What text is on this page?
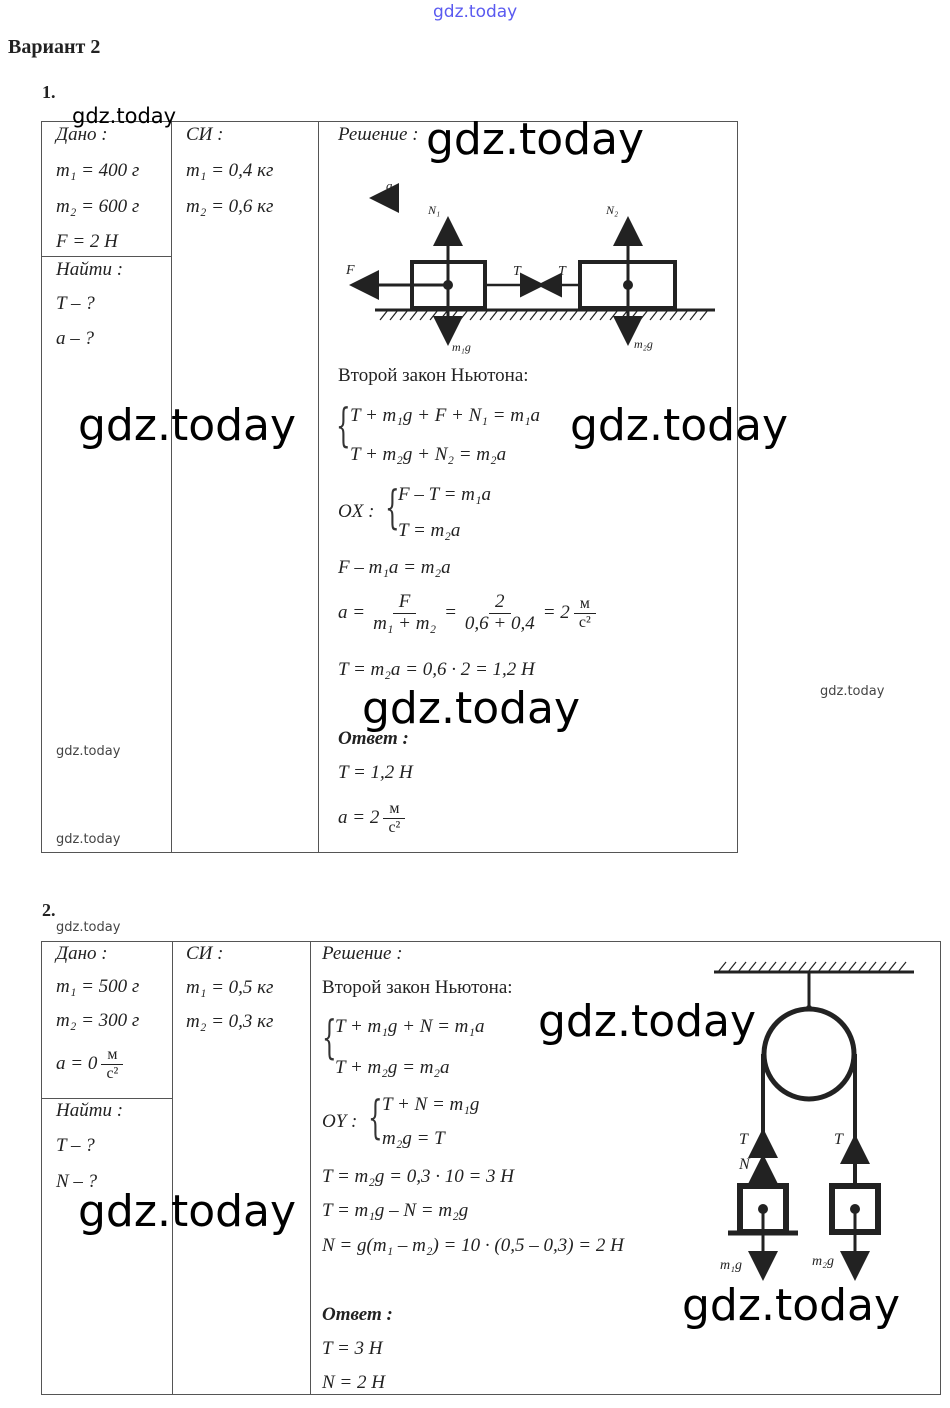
gdz.today
Вариант 2
1.
Дано :
m₁ = 400 г
m₂ = 600 г
F = 2 Н
Найти :
T – ?
a – ?
СИ :
m₁ = 0,4 кг
m₂ = 0,6 кг
Решение :
a
N₁	N₂
F	T	T
m₁g	m₂g
Второй закон Ньютона:
{ T + m₁g + F + N₁ = m₁a
T + m₂g + N₂ = m₂a
OX : {
F – T = m₁a
T = m₂a
F – m₁a = m₂a
$a = \frac{F}{\text{m₁ + m₂}} = \frac{2}{0,6 + 0,4} = 2 \frac{м}{\text{с²}}$
T = m₂a = 0,6 · 2 = 1,2 Н
Ответ :
T = 1,2 Н
$a = 2 \frac{м}{\text{с²}}$
gdz.today	gdz.today
gdz.today	gdz.today
gdz.today	gdz.today
gdz.today
gdz.today
2.
gdz.today
Дано :
m₁ = 500 г
m₂ = 300 г
$a = 0 \frac{м}{\text{с²}}$
Найти :
T – ?
N – ?
СИ :
m₁ = 0,5 кг
m₂ = 0,3 кг
Решение :
Второй закон Ньютона:
{
T + m₁g + N = m₁a
T + m₂g = m₂a
OY : { T + N = m₁g
m₂g = T
T = m₂g = 0,3 · 10 = 3 Н
T = m₁g – N = m₂g
N = g(m₁ – m₂) = 10 · (0,5 – 0,3) = 2 Н
Ответ :
T = 3 Н
N = 2 Н
T
N
T
m₁g	m₂g
gdz.today
gdz.today
gdz.today
